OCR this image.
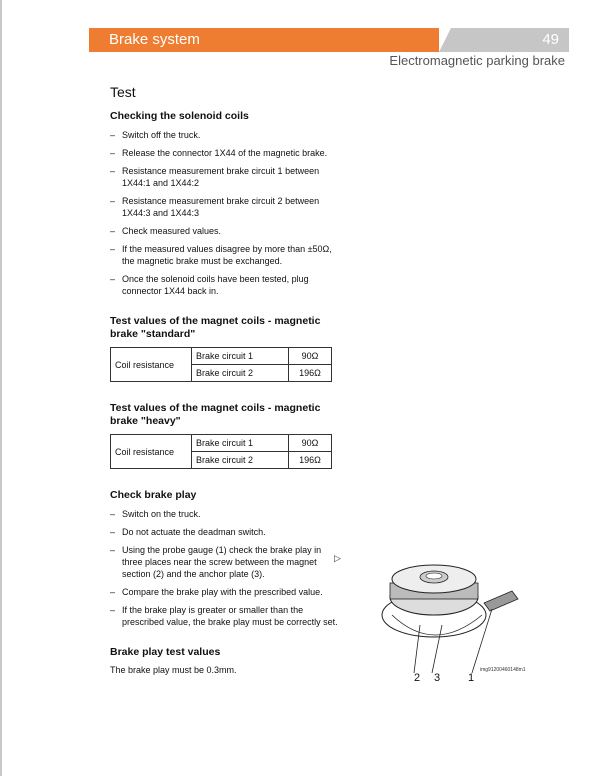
Brake system	49
Electromagnetic parking brake
Test
Checking the solenoid coils
– Switch off the truck.
– Release the connector 1X44 of the magnetic brake.
– Resistance measurement brake circuit 1 between 1X44:1 and 1X44:2
– Resistance measurement brake circuit 2 between 1X44:3 and 1X44:3
– Check measured values.
– If the measured values disagree by more than ±50Ω, the magnetic brake must be exchanged.
– Once the solenoid coils have been tested, plug connector 1X44 back in.
Test values of the magnet coils - magnetic brake "standard"
Coil resistance	Brake circuit 1	90Ω
	Brake circuit 2	196Ω
Test values of the magnet coils - magnetic brake "heavy"
Coil resistance	Brake circuit 1	90Ω
	Brake circuit 2	196Ω
Check brake play
– Switch on the truck.
– Do not actuate the deadman switch.
– Using the probe gauge (1) check the brake play in three places near the screw between the magnet section (2) and the anchor plate (3).
– Compare the brake play with the prescribed value.
– If the brake play is greater or smaller than the prescribed value, the brake play must be correctly set.
Brake play test values

The brake play must be 0.3mm.

▷
img91200460148m1
2 3	1
